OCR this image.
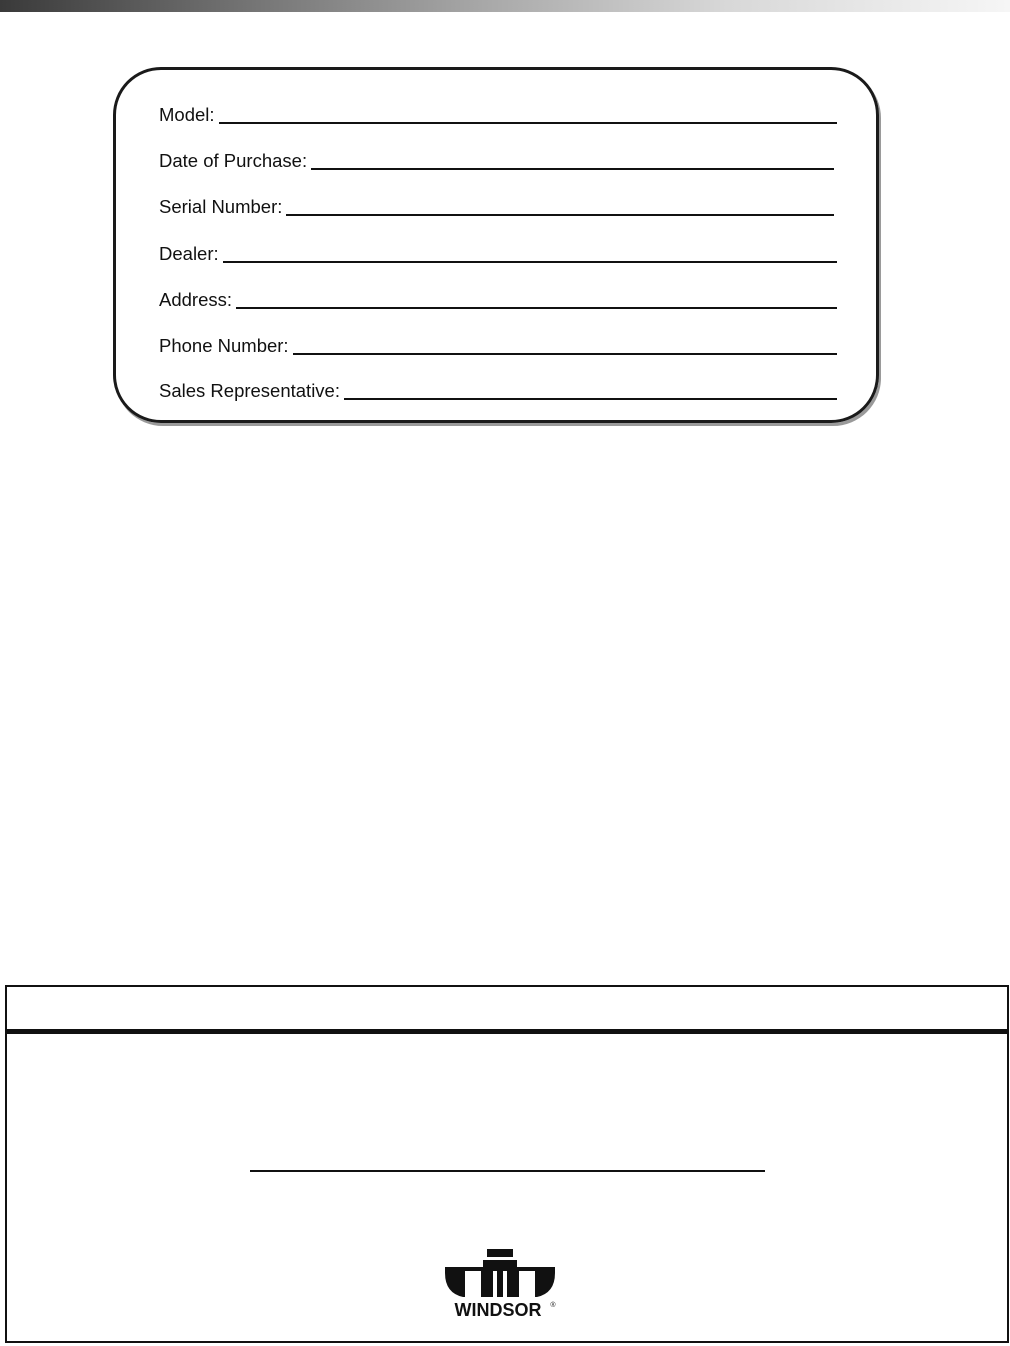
Model:
Date of Purchase:
Serial Number:
Dealer:
Address:
Phone Number:
Sales Representative:
WINDSOR ®
